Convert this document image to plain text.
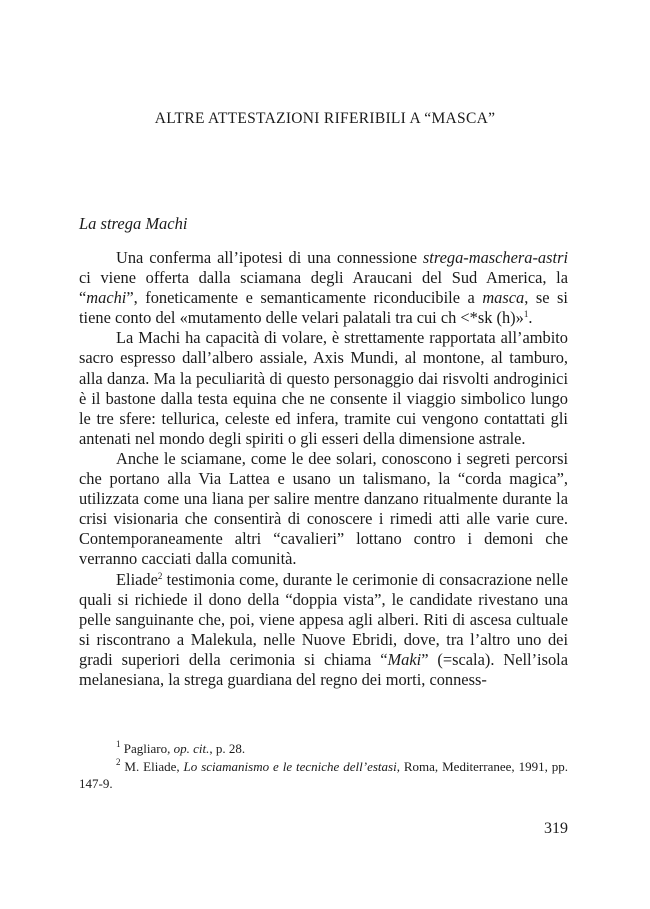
ALTRE ATTESTAZIONI RIFERIBILI A “MASCA”
La strega Machi

Una conferma all’ipotesi di una connessione strega-maschera-astri ci viene offerta dalla sciamana degli Araucani del Sud America, la “machi”, foneticamente e semanticamente riconducibile a masca, se si tiene conto del «mutamento delle velari palatali tra cui ch <*sk (h)»$^1$.

La Machi ha capacità di volare, è strettamente rapportata all’ambito sacro espresso dall’albero assiale, Axis Mundi, al montone, al tamburo, alla danza. Ma la peculiarità di questo personaggio dai risvolti androginici è il bastone dalla testa equina che ne consente il viaggio simbolico lungo le tre sfere: tellurica, celeste ed infera, tramite cui vengono contattati gli antenati nel mondo degli spiriti o gli esseri della dimensione astrale.

Anche le sciamane, come le dee solari, conoscono i segreti percorsi che portano alla Via Lattea e usano un talismano, la “corda magica”, utilizzata come una liana per salire mentre danzano ritualmente durante la crisi visionaria che consentirà di conoscere i rimedi atti alle varie cure. Contemporaneamente altri “cavalieri” lottano contro i demoni che verranno cacciati dalla comunità.

Eliade$^2$ testimonia come, durante le cerimonie di consacrazione nelle quali si richiede il dono della “doppia vista”, le candidate rivestano una pelle sanguinante che, poi, viene appesa agli alberi. Riti di ascesa cultuale si riscontrano a Malekula, nelle Nuove Ebridi, dove, tra l’altro uno dei gradi superiori della cerimonia si chiama “Maki” (=scala). Nell’isola melanesiana, la strega guardiana del regno dei morti, conness-

$^1$ Pagliaro, op. cit., p. 28.

$^2$ M. Eliade, Lo sciamanismo e le tecniche dell’estasi, Roma, Mediterranee, 1991, pp. 147-9.

319
